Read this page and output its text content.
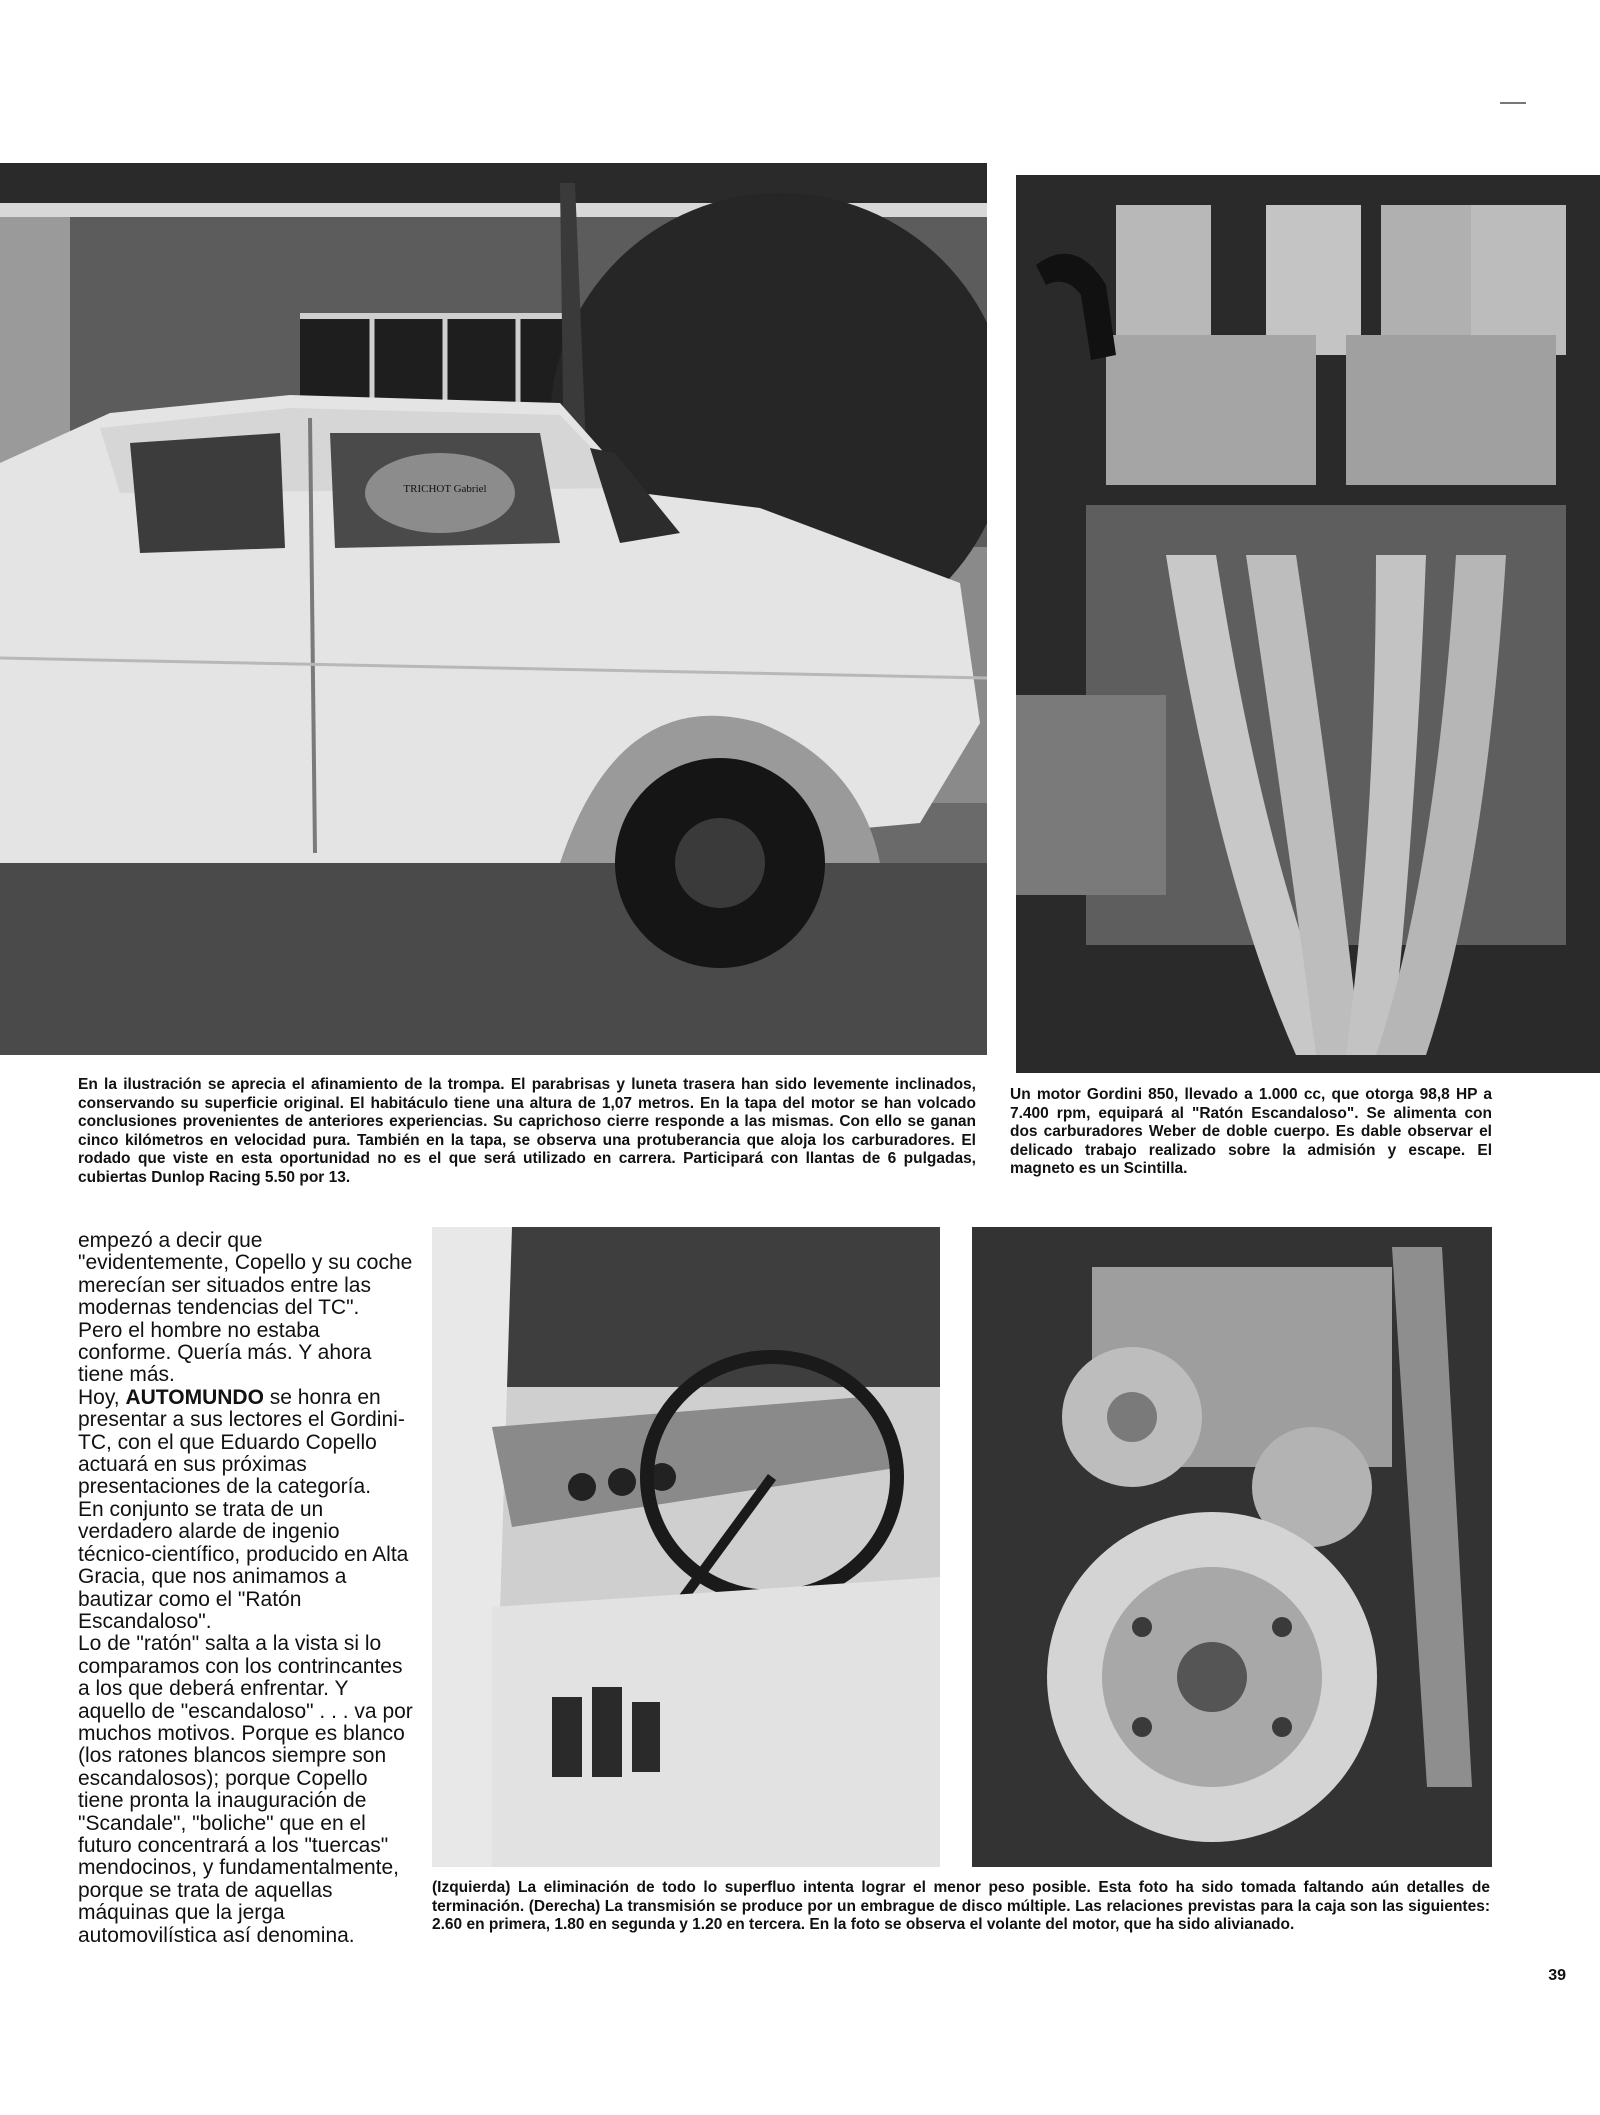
TRICHOT Gabriel

En la ilustración se aprecia el afinamiento de la trompa. El parabrisas y luneta trasera han sido levemente inclinados, conservando su superficie original. El habitáculo tiene una altura de 1,07 metros. En la tapa del motor se han volcado conclusiones provenientes de anteriores experiencias. Su caprichoso cierre responde a las mismas. Con ello se ganan cinco kilómetros en velocidad pura. También en la tapa, se observa una protuberancia que aloja los carburadores. El rodado que viste en esta oportunidad no es el que será utilizado en carrera. Participará con llantas de 6 pulgadas, cubiertas Dunlop Racing 5.50 por 13.

Un motor Gordini 850, llevado a 1.000 cc, que otorga 98,8 HP a 7.400 rpm, equipará al "Ratón Escandaloso". Se alimenta con dos carburadores Weber de doble cuerpo. Es dable observar el delicado trabajo realizado sobre la admisión y escape. El magneto es un Scintilla.

empezó a decir que "evidentemente, Copello y su coche merecían ser situados entre las modernas tendencias del TC".

Pero el hombre no estaba conforme. Quería más. Y ahora tiene más.

Hoy, AUTOMUNDO se honra en presentar a sus lectores el Gordini-TC, con el que Eduardo Copello actuará en sus próximas presentaciones de la categoría.

En conjunto se trata de un verdadero alarde de ingenio técnico-científico, producido en Alta Gracia, que nos animamos a bautizar como el "Ratón Escandaloso".

Lo de "ratón" salta a la vista si lo comparamos con los contrincantes a los que deberá enfrentar. Y aquello de "escandaloso" . . . va por muchos motivos. Porque es blanco (los ratones blancos siempre son escandalosos); porque Copello tiene pronta la inauguración de "Scandale", "boliche" que en el futuro concentrará a los "tuercas" mendocinos, y fundamentalmente, porque se trata de aquellas máquinas que la jerga automovilística así denomina.

(Izquierda) La eliminación de todo lo superfluo intenta lograr el menor peso posible. Esta foto ha sido tomada faltando aún detalles de terminación. (Derecha) La transmisión se produce por un embrague de disco múltiple. Las relaciones previstas para la caja son las siguientes: 2.60 en primera, 1.80 en segunda y 1.20 en tercera. En la foto se observa el volante del motor, que ha sido alivianado.

39
